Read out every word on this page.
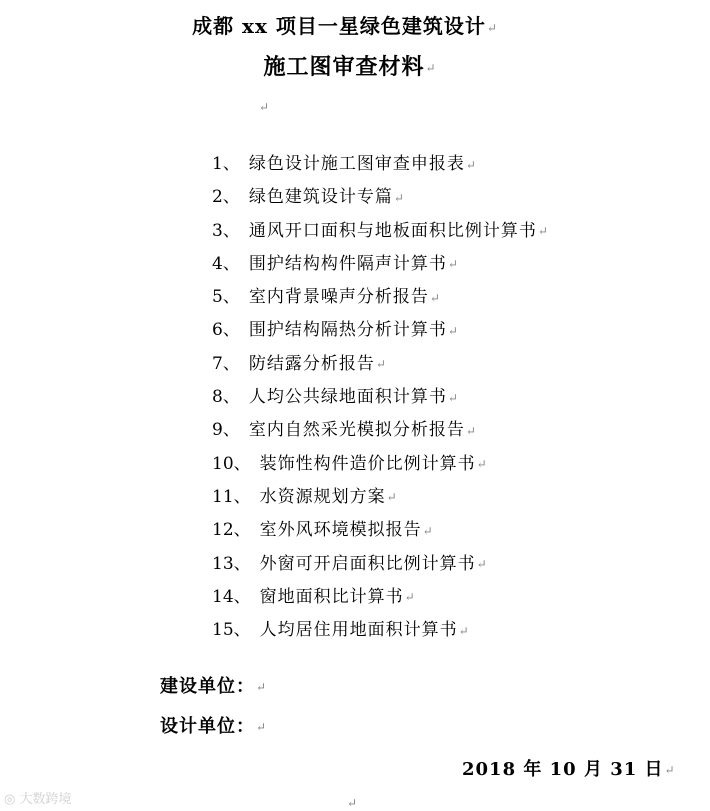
成都 xx 项目一星绿色建筑设计↵
施工图审查材料↵
↵
1、 绿色设计施工图审查申报表↵
2、 绿色建筑设计专篇↵
3、 通风开口面积与地板面积比例计算书↵
4、 围护结构构件隔声计算书↵
5、 室内背景噪声分析报告↵
6、 围护结构隔热分析计算书↵
7、 防结露分析报告↵
8、 人均公共绿地面积计算书↵
9、 室内自然采光模拟分析报告↵
10、 装饰性构件造价比例计算书↵
11、 水资源规划方案↵
12、 室外风环境模拟报告↵
13、 外窗可开启面积比例计算书↵
14、 窗地面积比计算书↵
15、 人均居住用地面积计算书↵
建设单位：↵
设计单位：↵
2018 年 10 月 31 日↵
◎ 大数跨境	↵
